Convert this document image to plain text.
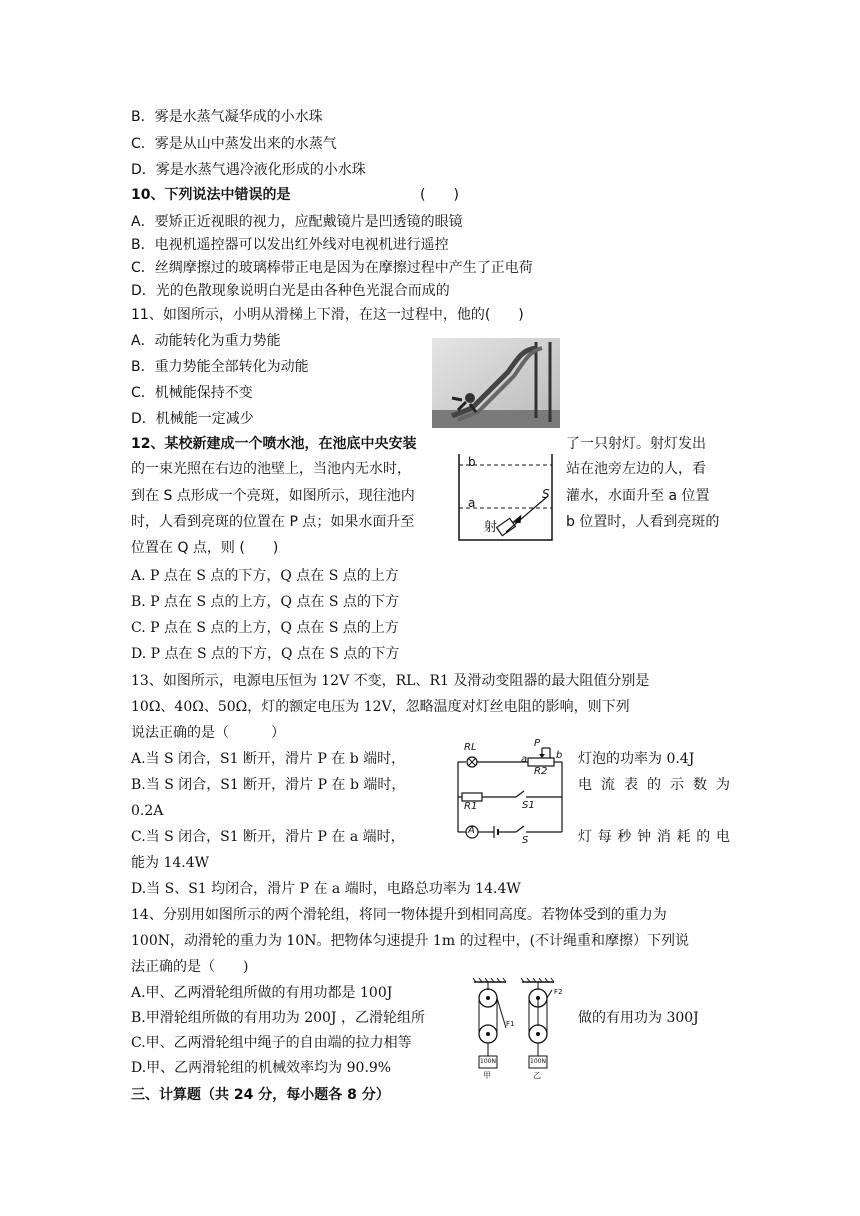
B．雾是水蒸气凝华成的小水珠
C．雾是从山中蒸发出来的水蒸气
D．雾是水蒸气遇冷液化形成的小水珠
10、下列说法中错误的是	(　　)
A．要矫正近视眼的视力，应配戴镜片是凹透镜的眼镜
B．电视机遥控器可以发出红外线对电视机进行遥控
C．丝绸摩擦过的玻璃棒带正电是因为在摩擦过程中产生了正电荷
D．光的色散现象说明白光是由各种色光混合而成的
11、如图所示，小明从滑梯上下滑，在这一过程中，他的(　　)
A．动能转化为重力势能
B．重力势能全部转化为动能
C．机械能保持不变
D．机械能一定减少
12、某校新建成一个喷水池，在池底中央安装	了一只射灯。射灯发出
的一束光照在右边的池壁上，当池内无水时，	站在池旁左边的人，看
到在 S 点形成一个亮斑，如图所示，现往池内	灌水，水面升至 a 位置
时，人看到亮斑的位置在 P 点；如果水面升至	b 位置时，人看到亮斑的
位置在 Q 点，则 (　　)
A. P 点在 S 点的下方，Q 点在 S 点的上方
B. P 点在 S 点的上方，Q 点在 S 点的下方
C. P 点在 S 点的上方，Q 点在 S 点的上方
D. P 点在 S 点的下方，Q 点在 S 点的下方
b
a
S
射
13、如图所示，电源电压恒为 12V 不变，RL、R1 及滑动变阻器的最大阻值分别是
10Ω、40Ω、50Ω，灯的额定电压为 12V，忽略温度对灯丝电阻的影响，则下列
说法正确的是（　　　）
A.当 S 闭合，S1 断开，滑片 P 在 b 端时，	灯泡的功率为 0.4J
B.当 S 闭合，S1 断开，滑片 P 在 b 端时，	电流表的示数为
0.2A
C.当 S 闭合，S1 断开，滑片 P 在 a 端时，	灯每秒钟消耗的电
能为 14.4W
D.当 S、S1 均闭合，滑片 P 在 a 端时，电路总功率为 14.4W
RL	P
a	b
R2
R1	S1
A
S
14、分别用如图所示的两个滑轮组，将同一物体提升到相同高度。若物体受到的重力为
100N，动滑轮的重力为 10N。把物体匀速提升 1m 的过程中，(不计绳重和摩擦）下列说
法正确的是（　　)
A.甲、乙两滑轮组所做的有用功都是 100J
B.甲滑轮组所做的有用功为 200J ，乙滑轮组所	做的有用功为 300J
C.甲、乙两滑轮组中绳子的自由端的拉力相等
D.甲、乙两滑轮组的机械效率均为 90.9%
F1
F2
100N	100N
甲	乙
三、计算题（共 24 分，每小题各 8 分）
